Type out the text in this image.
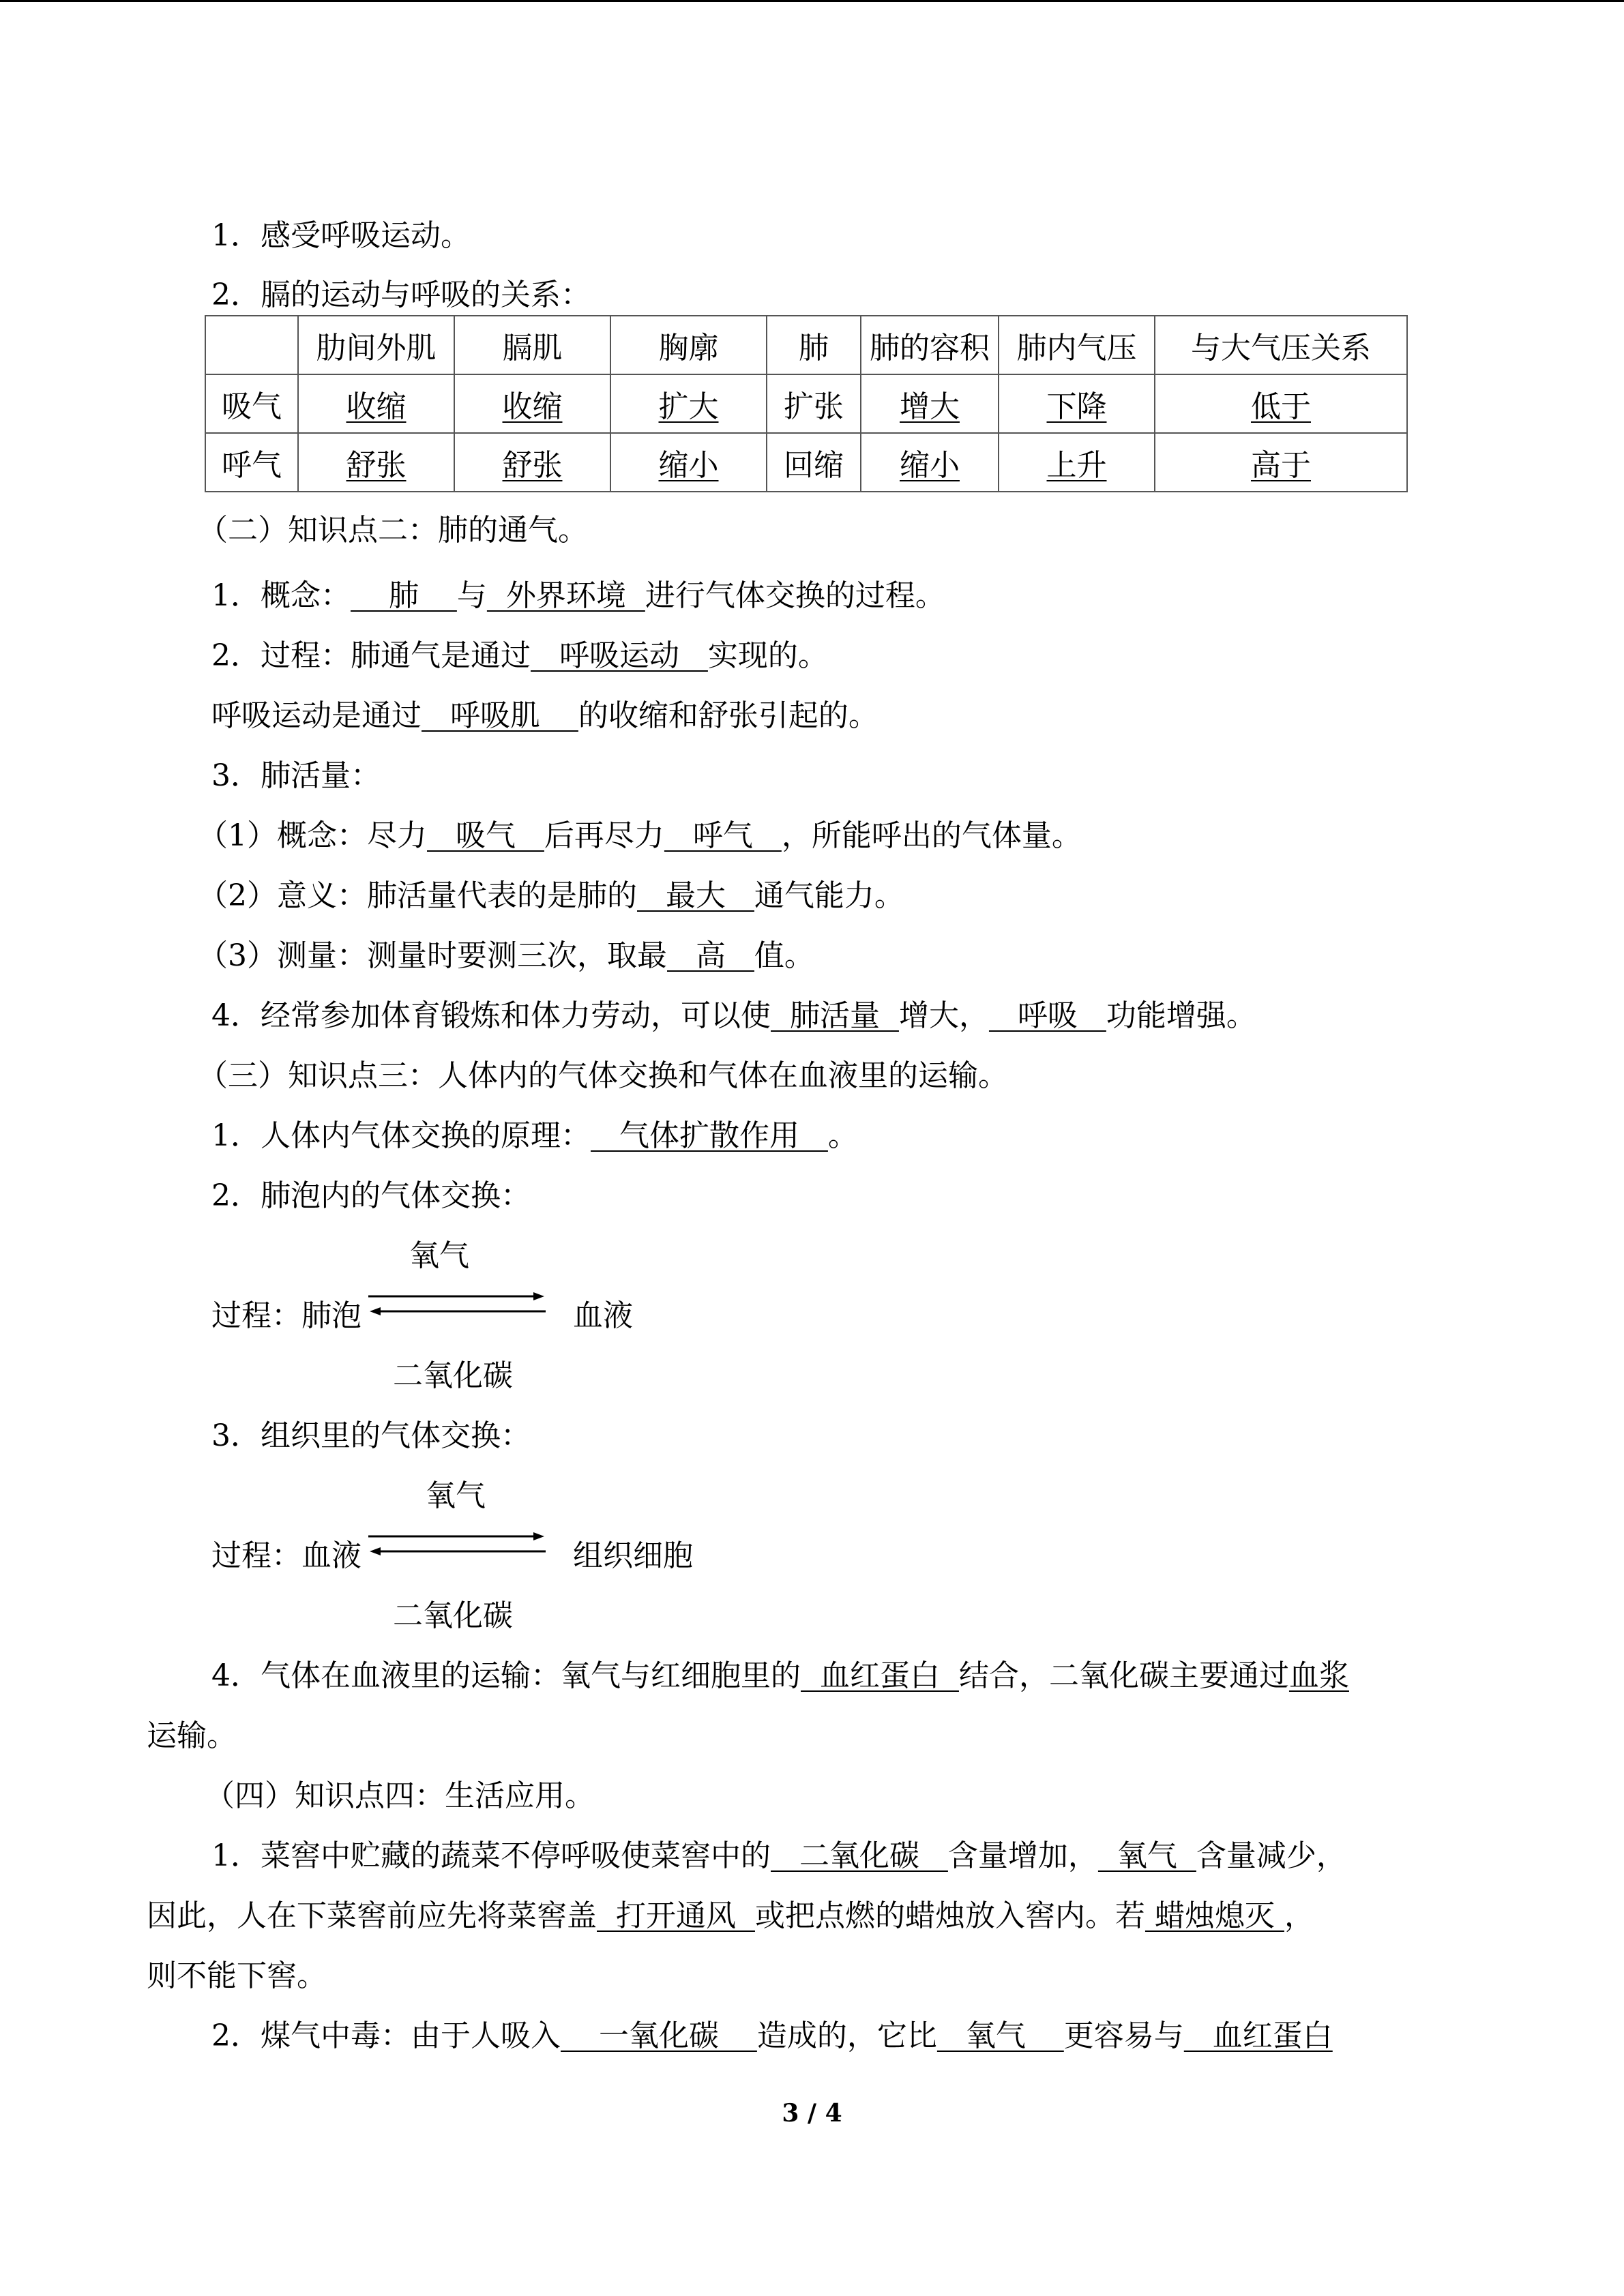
1．感受呼吸运动。
2．膈的运动与呼吸的关系：
	肋间外肌	膈肌	胸廓	肺	肺的容积	肺内气压	与大气压关系
吸气	收缩	收缩	扩大	扩张	增大	下降	低于
呼气	舒张	舒张	缩小	回缩	缩小	上升	高于
（二）知识点二：肺的通气。
1．概念：    肺    与  外界环境  进行气体交换的过程。
2．过程：肺通气是通过   呼吸运动   实现的。
呼吸运动是通过   呼吸肌    的收缩和舒张引起的。
3．肺活量：
（1）概念：尽力   吸气   后再尽力   呼气   ，所能呼出的气体量。
（2）意义：肺活量代表的是肺的   最大   通气能力。
（3）测量：测量时要测三次，取最   高   值。
4．经常参加体育锻炼和体力劳动，可以使  肺活量  增大，   呼吸   功能增强。
（三）知识点三：人体内的气体交换和气体在血液里的运输。
1．人体内气体交换的原理：   气体扩散作用   。
2．肺泡内的气体交换：
氧气
过程：肺泡	血液
二氧化碳
3．组织里的气体交换：
氧气
过程：血液	组织细胞
二氧化碳
4．气体在血液里的运输：氧气与红细胞里的  血红蛋白  结合，二氧化碳主要通过血浆
运输。
（四）知识点四：生活应用。
1．菜窖中贮藏的蔬菜不停呼吸使菜窖中的   二氧化碳   含量增加，  氧气  含量减少，
因此，人在下菜窖前应先将菜窖盖  打开通风  或把点燃的蜡烛放入窖内。若 蜡烛熄灭 ，
则不能下窖。
2．煤气中毒：由于人吸入    一氧化碳    造成的，它比   氧气    更容易与   血红蛋白
3 / 4
